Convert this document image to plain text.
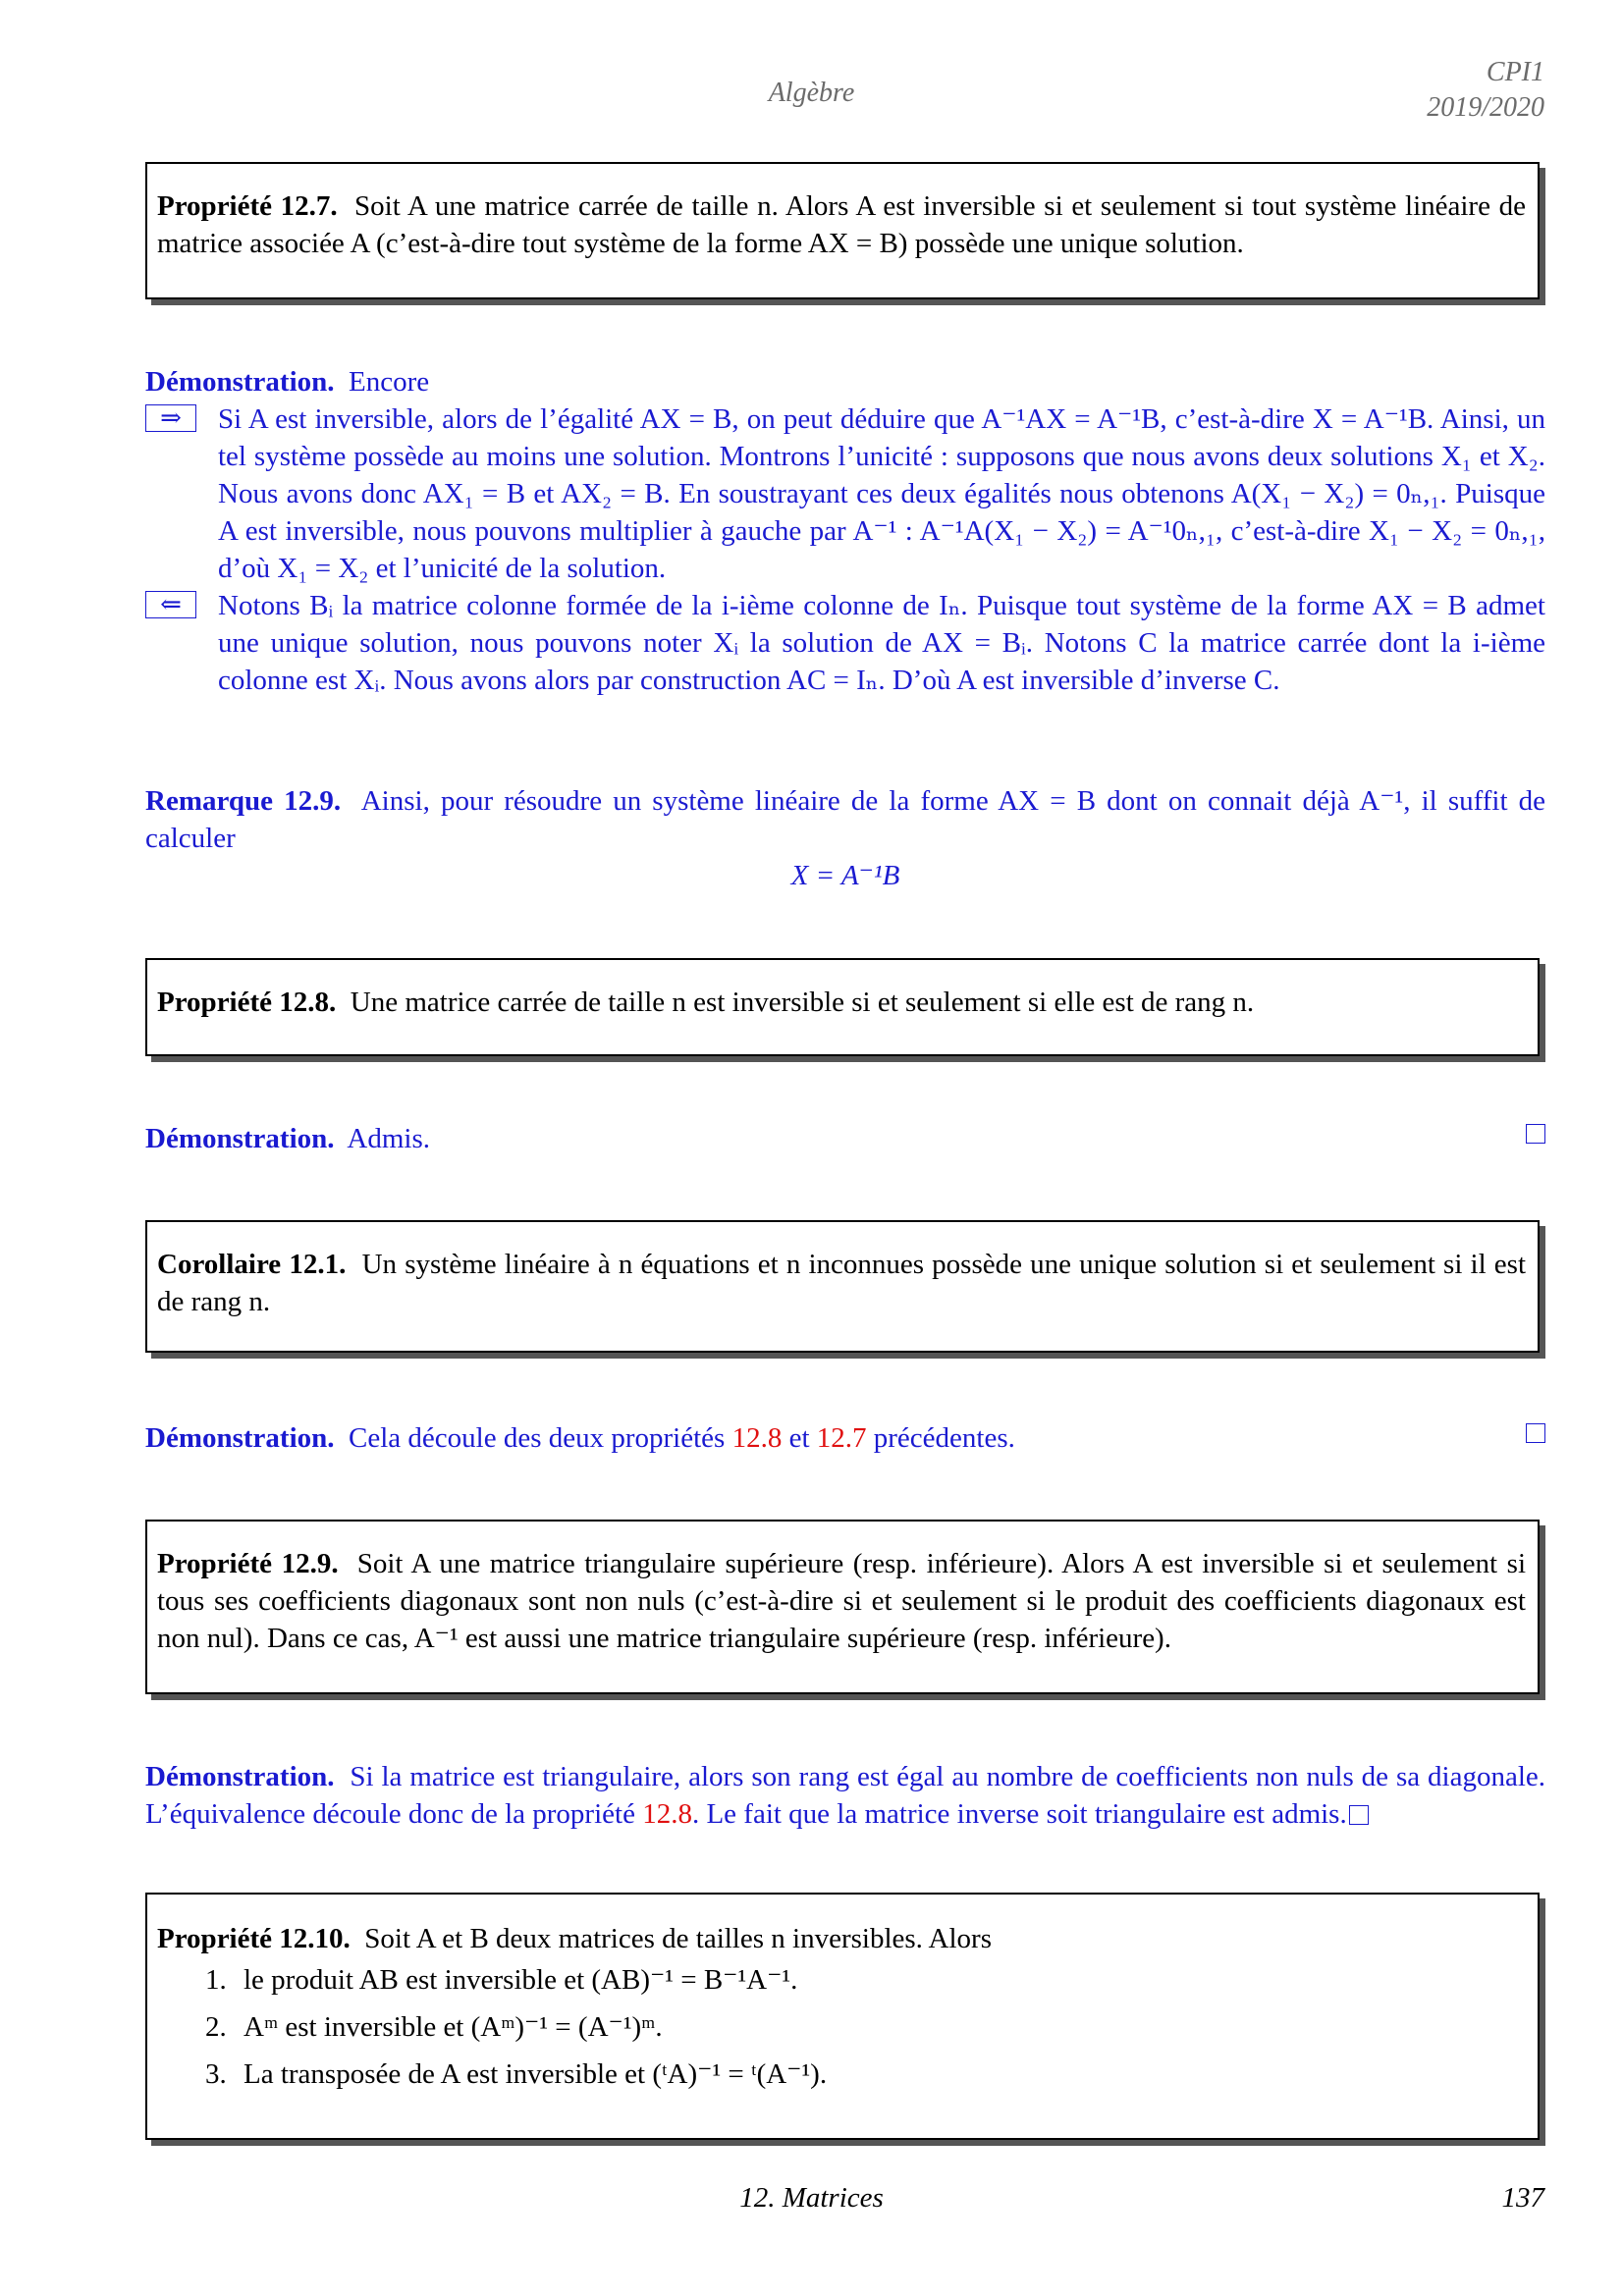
Algèbre
CPI1
2019/2020
Propriété 12.7. Soit A une matrice carrée de taille n. Alors A est inversible si et seulement si tout système linéaire de matrice associée A (c’est-à-dire tout système de la forme AX = B) possède une unique solution.
Démonstration. Encore
⇒	Si A est inversible, alors de l’égalité AX = B, on peut déduire que A⁻¹AX = A⁻¹B, c’est-à-dire X = A⁻¹B. Ainsi, un tel système possède au moins une solution. Montrons l’unicité : supposons que nous avons deux solutions X₁ et X₂. Nous avons donc AX₁ = B et AX₂ = B. En soustrayant ces deux égalités nous obtenons A(X₁ − X₂) = 0ₙ,₁. Puisque A est inversible, nous pouvons multiplier à gauche par A⁻¹ : A⁻¹A(X₁ − X₂) = A⁻¹0ₙ,₁, c’est-à-dire X₁ − X₂ = 0ₙ,₁, d’où X₁ = X₂ et l’unicité de la solution.
⇐	Notons Bᵢ la matrice colonne formée de la i-ième colonne de Iₙ. Puisque tout système de la forme AX = B admet une unique solution, nous pouvons noter Xᵢ la solution de AX = Bᵢ. Notons C la matrice carrée dont la i-ième colonne est Xᵢ. Nous avons alors par construction AC = Iₙ. D’où A est inversible d’inverse C.
Remarque 12.9. Ainsi, pour résoudre un système linéaire de la forme AX = B dont on connait déjà A⁻¹, il suffit de calculer
X = A⁻¹B
Propriété 12.8. Une matrice carrée de taille n est inversible si et seulement si elle est de rang n.
Démonstration. Admis.
Corollaire 12.1. Un système linéaire à n équations et n inconnues possède une unique solution si et seulement si il est de rang n.
Démonstration. Cela découle des deux propriétés 12.8 et 12.7 précédentes.
Propriété 12.9. Soit A une matrice triangulaire supérieure (resp. inférieure). Alors A est inversible si et seulement si tous ses coefficients diagonaux sont non nuls (c’est-à-dire si et seulement si le produit des coefficients diagonaux est non nul). Dans ce cas, A⁻¹ est aussi une matrice triangulaire supérieure (resp. inférieure).
Démonstration. Si la matrice est triangulaire, alors son rang est égal au nombre de coefficients non nuls de sa diagonale. L’équivalence découle donc de la propriété 12.8. Le fait que la matrice inverse soit triangulaire est admis.
Propriété 12.10. Soit A et B deux matrices de tailles n inversibles. Alors
1. le produit AB est inversible et (AB)⁻¹ = B⁻¹A⁻¹.
2. Aᵐ est inversible et (Aᵐ)⁻¹ = (A⁻¹)ᵐ.
3. La transposée de A est inversible et (ᵗA)⁻¹ = ᵗ(A⁻¹).
12. Matrices	137
